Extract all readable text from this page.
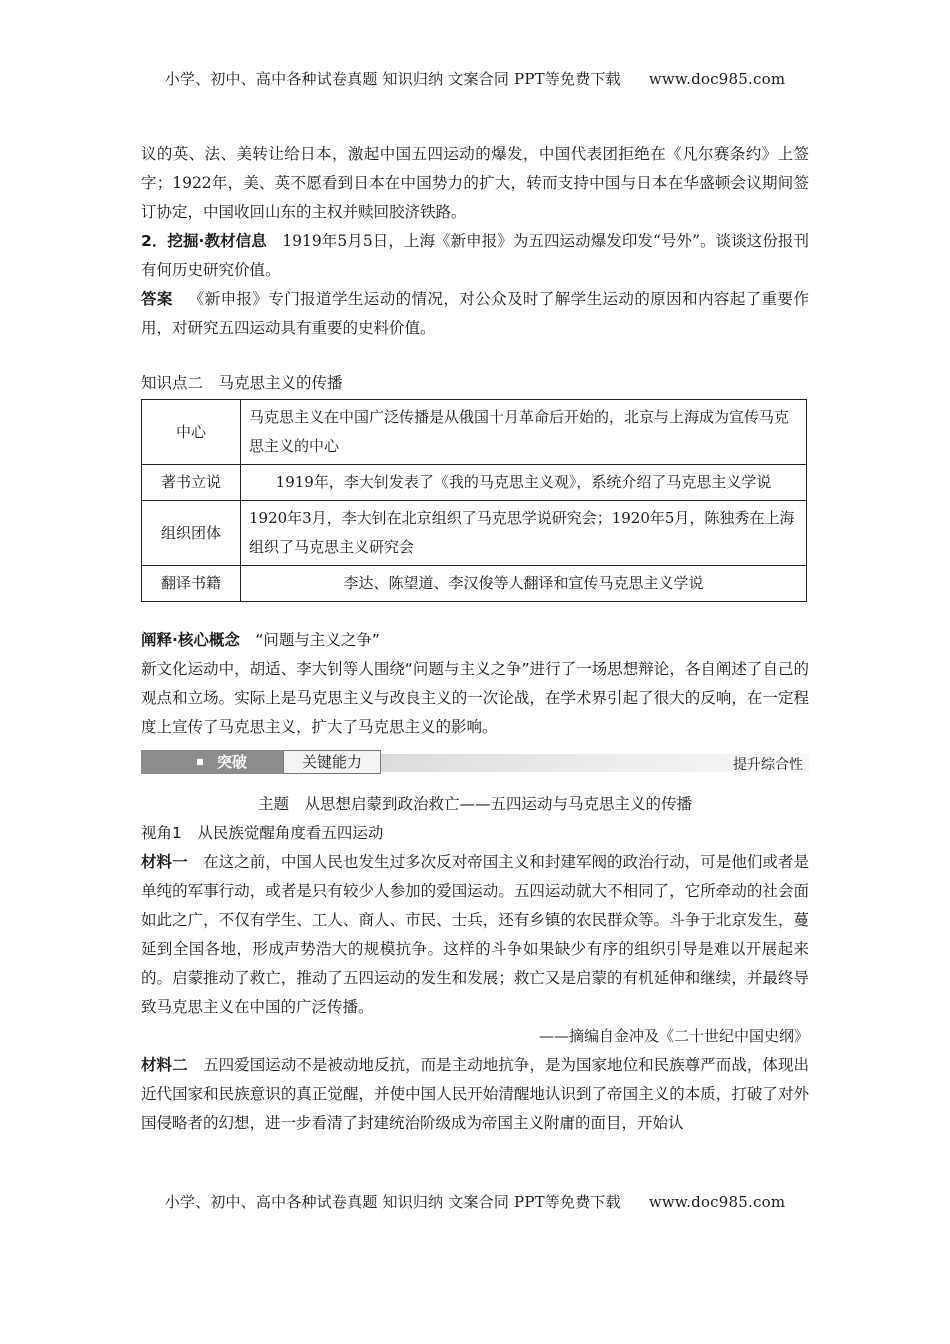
小学、初中、高中各种试卷真题 知识归纳 文案合同 PPT等免费下载 www.doc985.com

议的英、法、美转让给日本，激起中国五四运动的爆发，中国代表团拒绝在《凡尔赛条约》上签字；1922年，美、英不愿看到日本在中国势力的扩大，转而支持中国与日本在华盛顿会议期间签订协定，中国收回山东的主权并赎回胶济铁路。

2．挖掘·教材信息  1919年5月5日，上海《新申报》为五四运动爆发印发“号外”。谈谈这份报刊有何历史研究价值。

答案  《新申报》专门报道学生运动的情况，对公众及时了解学生运动的原因和内容起了重要作用，对研究五四运动具有重要的史料价值。

知识点二　马克思主义的传播
中心	马克思主义在中国广泛传播是从俄国十月革命后开始的，北京与上海成为宣传马克思主义的中心
著书立说	1919年，李大钊发表了《我的马克思主义观》，系统介绍了马克思主义学说
组织团体	1920年3月，李大钊在北京组织了马克思学说研究会；1920年5月，陈独秀在上海组织了马克思主义研究会
翻译书籍	李达、陈望道、李汉俊等人翻译和宣传马克思主义学说

阐释·核心概念  “问题与主义之争”

新文化运动中，胡适、李大钊等人围绕“问题与主义之争”进行了一场思想辩论，各自阐述了自己的观点和立场。实际上是马克思主义与改良主义的一次论战，在学术界引起了很大的反响，在一定程度上宣传了马克思主义，扩大了马克思主义的影响。

突破	关键能力	提升综合性
主题　从思想启蒙到政治救亡——五四运动与马克思主义的传播
视角1　从民族觉醒角度看五四运动

材料一  在这之前，中国人民也发生过多次反对帝国主义和封建军阀的政治行动，可是他们或者是单纯的军事行动，或者是只有较少人参加的爱国运动。五四运动就大不相同了，它所牵动的社会面如此之广，不仅有学生、工人、商人、市民、士兵，还有乡镇的农民群众等。斗争于北京发生，蔓延到全国各地，形成声势浩大的规模抗争。这样的斗争如果缺少有序的组织引导是难以开展起来的。启蒙推动了救亡，推动了五四运动的发生和发展；救亡又是启蒙的有机延伸和继续，并最终导致马克思主义在中国的广泛传播。

——摘编自金冲及《二十世纪中国史纲》

材料二  五四爱国运动不是被动地反抗，而是主动地抗争，是为国家地位和民族尊严而战，体现出近代国家和民族意识的真正觉醒，并使中国人民开始清醒地认识到了帝国主义的本质，打破了对外国侵略者的幻想，进一步看清了封建统治阶级成为帝国主义附庸的面目，开始认

小学、初中、高中各种试卷真题 知识归纳 文案合同 PPT等免费下载 www.doc985.com
